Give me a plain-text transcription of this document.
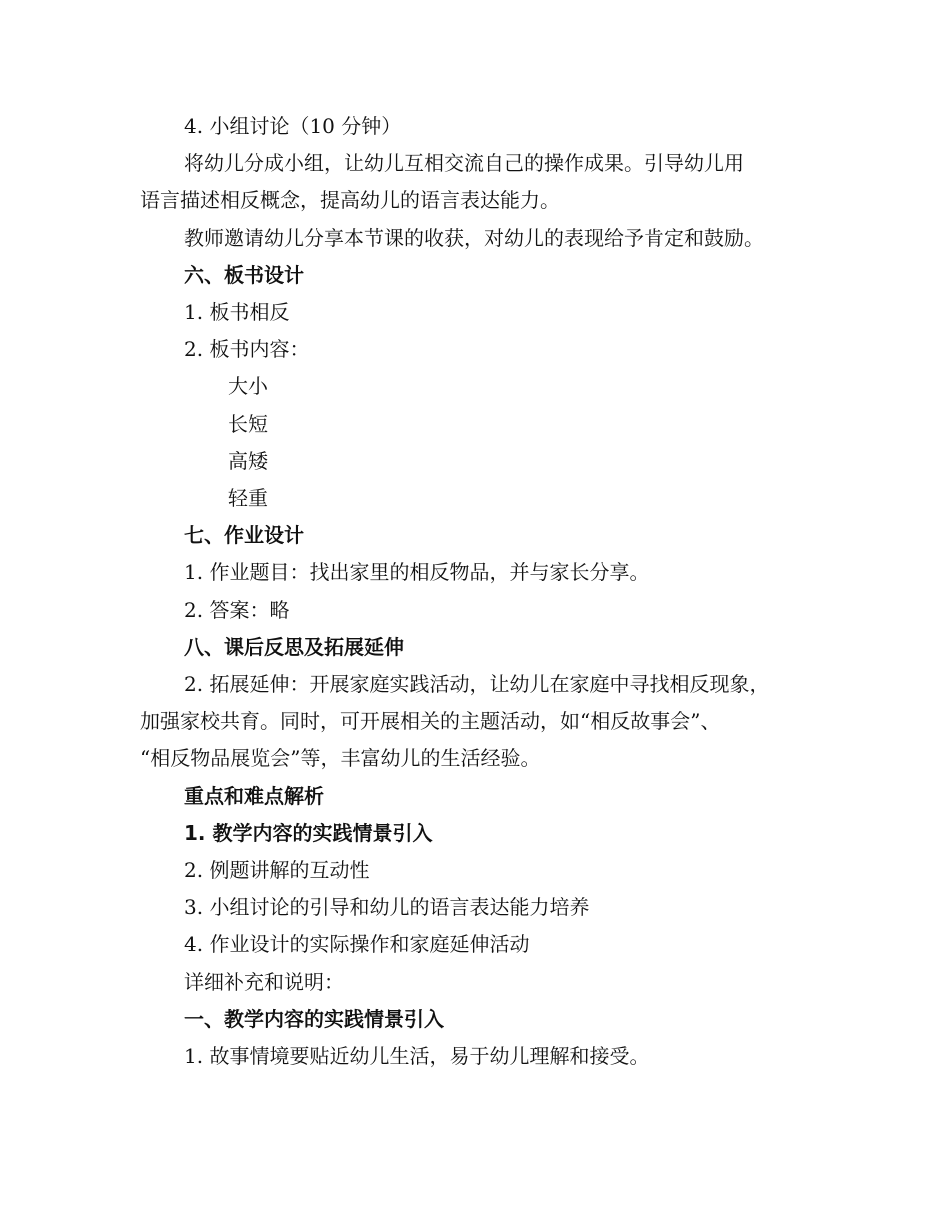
4. 小组讨论（10 分钟）
将幼儿分成小组，让幼儿互相交流自己的操作成果。引导幼儿用
语言描述相反概念，提高幼儿的语言表达能力。
教师邀请幼儿分享本节课的收获，对幼儿的表现给予肯定和鼓励。
六、板书设计
1. 板书相反
2. 板书内容：
大小
长短
高矮
轻重
七、作业设计
1. 作业题目：找出家里的相反物品，并与家长分享。
2. 答案：略
八、课后反思及拓展延伸
2. 拓展延伸：开展家庭实践活动，让幼儿在家庭中寻找相反现象，
加强家校共育。同时，可开展相关的主题活动，如“相反故事会”、
“相反物品展览会”等，丰富幼儿的生活经验。
重点和难点解析
1. 教学内容的实践情景引入
2. 例题讲解的互动性
3. 小组讨论的引导和幼儿的语言表达能力培养
4. 作业设计的实际操作和家庭延伸活动
详细补充和说明：
一、教学内容的实践情景引入
1. 故事情境要贴近幼儿生活，易于幼儿理解和接受。
